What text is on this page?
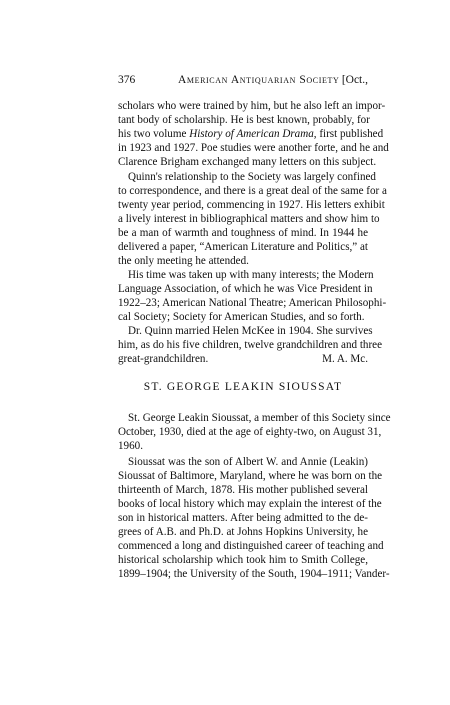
376	American Antiquarian Society [Oct.,
scholars who were trained by him, but he also left an impor-
tant body of scholarship. He is best known, probably, for
his two volume History of American Drama, first published
in 1923 and 1927. Poe studies were another forte, and he and
Clarence Brigham exchanged many letters on this subject.
Quinn's relationship to the Society was largely confined
to correspondence, and there is a great deal of the same for a
twenty year period, commencing in 1927. His letters exhibit
a lively interest in bibliographical matters and show him to
be a man of warmth and toughness of mind. In 1944 he
delivered a paper, “American Literature and Politics,” at
the only meeting he attended.
His time was taken up with many interests; the Modern
Language Association, of which he was Vice President in
1922–23; American National Theatre; American Philosophi-
cal Society; Society for American Studies, and so forth.
Dr. Quinn married Helen McKee in 1904. She survives
him, as do his five children, twelve grandchildren and three
great-grandchildren.	M. A. Mc.
ST. GEORGE LEAKIN SIOUSSAT
St. George Leakin Sioussat, a member of this Society since
October, 1930, died at the age of eighty-two, on August 31,
1960.
Sioussat was the son of Albert W. and Annie (Leakin)
Sioussat of Baltimore, Maryland, where he was born on the
thirteenth of March, 1878. His mother published several
books of local history which may explain the interest of the
son in historical matters. After being admitted to the de-
grees of A.B. and Ph.D. at Johns Hopkins University, he
commenced a long and distinguished career of teaching and
historical scholarship which took him to Smith College,
1899–1904; the University of the South, 1904–1911; Vander-
